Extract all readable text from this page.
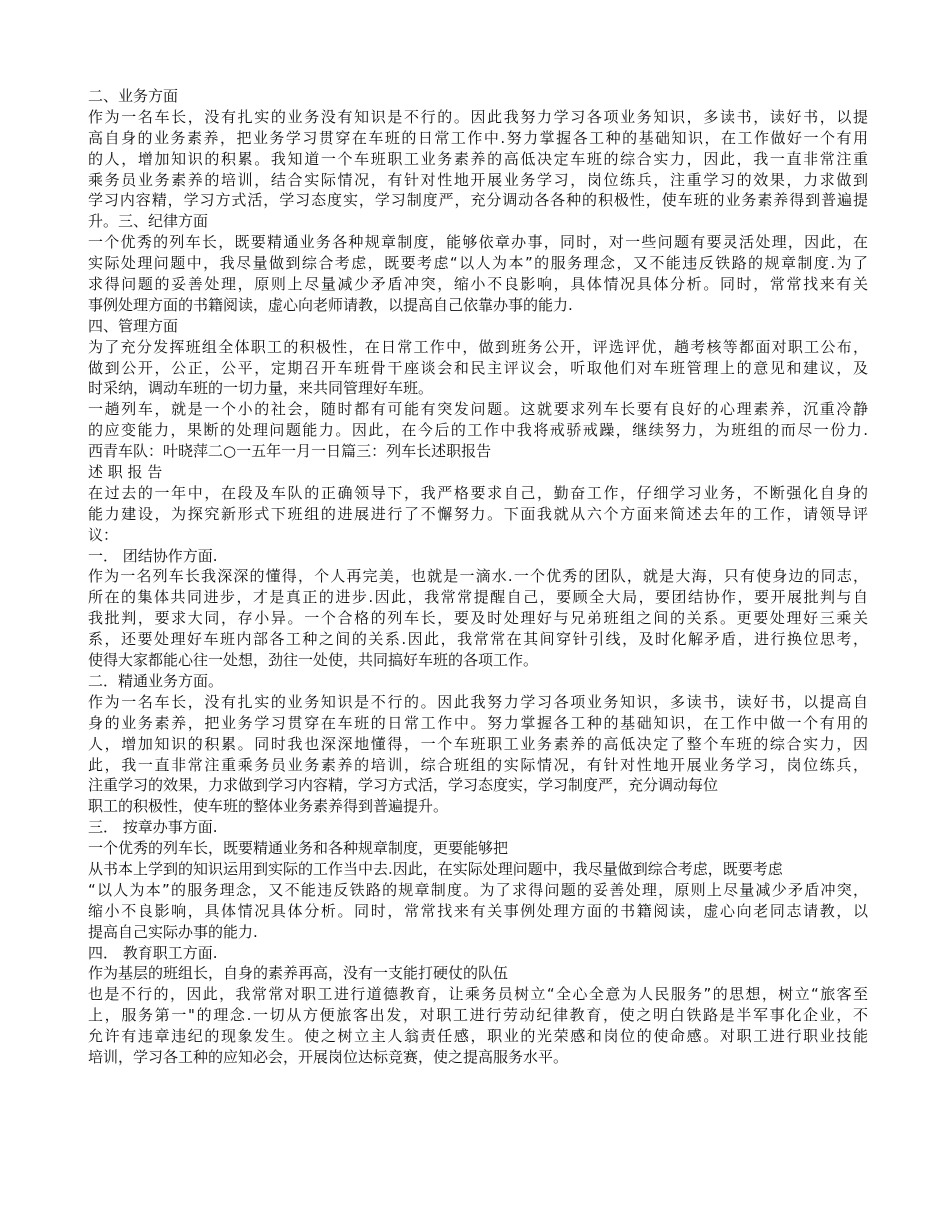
二、业务方面
作为一名车长，没有扎实的业务没有知识是不行的。因此我努力学习各项业务知识，多读书，读好书，以提
高自身的业务素养，把业务学习贯穿在车班的日常工作中.努力掌握各工种的基础知识，在工作做好一个有用
的人，增加知识的积累。我知道一个车班职工业务素养的高低决定车班的综合实力，因此，我一直非常注重
乘务员业务素养的培训，结合实际情况，有针对性地开展业务学习，岗位练兵，注重学习的效果，力求做到
学习内容精，学习方式活，学习态度实，学习制度严，充分调动各各种的积极性，使车班的业务素养得到普遍提
升。三、纪律方面
一个优秀的列车长，既要精通业务各种规章制度，能够依章办事，同时，对一些问题有要灵活处理，因此，在
实际处理问题中，我尽量做到综合考虑，既要考虑“以人为本”的服务理念，又不能违反铁路的规章制度.为了
求得问题的妥善处理，原则上尽量减少矛盾冲突，缩小不良影响，具体情况具体分析。同时，常常找来有关
事例处理方面的书籍阅读，虚心向老师请教，以提高自己依靠办事的能力.
四、管理方面
为了充分发挥班组全体职工的积极性，在日常工作中，做到班务公开，评选评优，趟考核等都面对职工公布，
做到公开，公正，公平，定期召开车班骨干座谈会和民主评议会，听取他们对车班管理上的意见和建议，及
时采纳，调动车班的一切力量，来共同管理好车班。
一趟列车，就是一个小的社会，随时都有可能有突发问题。这就要求列车长要有良好的心理素养，沉重冷静
的应变能力，果断的处理问题能力。因此，在今后的工作中我将戒骄戒躁，继续努力，为班组的而尽一份力.
西青车队：叶晓萍二○一五年一月一日篇三：列车长述职报告
述 职 报 告
在过去的一年中，在段及车队的正确领导下，我严格要求自己，勤奋工作，仔细学习业务，不断强化自身的
能力建设，为探究新形式下班组的进展进行了不懈努力。下面我就从六个方面来简述去年的工作，请领导评
议：
一． 团结协作方面.
作为一名列车长我深深的懂得，个人再完美，也就是一滴水.一个优秀的团队，就是大海，只有使身边的同志，
所在的集体共同进步，才是真正的进步.因此，我常常提醒自己，要顾全大局，要团结协作，要开展批判与自
我批判，要求大同，存小异。一个合格的列车长，要及时处理好与兄弟班组之间的关系。更要处理好三乘关
系，还要处理好车班内部各工种之间的关系.因此，我常常在其间穿针引线，及时化解矛盾，进行换位思考，
使得大家都能心往一处想，劲往一处使，共同搞好车班的各项工作。
二．精通业务方面。
作为一名车长，没有扎实的业务知识是不行的。因此我努力学习各项业务知识，多读书，读好书，以提高自
身的业务素养，把业务学习贯穿在车班的日常工作中。努力掌握各工种的基础知识，在工作中做一个有用的
人，增加知识的积累。同时我也深深地懂得，一个车班职工业务素养的高低决定了整个车班的综合实力，因
此，我一直非常注重乘务员业务素养的培训，综合班组的实际情况，有针对性地开展业务学习，岗位练兵，
注重学习的效果，力求做到学习内容精，学习方式活，学习态度实，学习制度严，充分调动每位
职工的积极性，使车班的整体业务素养得到普遍提升。
三． 按章办事方面.
一个优秀的列车长，既要精通业务和各种规章制度，更要能够把
从书本上学到的知识运用到实际的工作当中去.因此，在实际处理问题中，我尽量做到综合考虑，既要考虑
“以人为本”的服务理念，又不能违反铁路的规章制度。为了求得问题的妥善处理，原则上尽量减少矛盾冲突，
缩小不良影响，具体情况具体分析。同时，常常找来有关事例处理方面的书籍阅读，虚心向老同志请教，以
提高自己实际办事的能力.
四． 教育职工方面.
作为基层的班组长，自身的素养再高，没有一支能打硬仗的队伍
也是不行的，因此，我常常对职工进行道德教育，让乘务员树立“全心全意为人民服务”的思想，树立“旅客至
上，服务第一"的理念.一切从方便旅客出发，对职工进行劳动纪律教育，使之明白铁路是半军事化企业，不
允许有违章违纪的现象发生。使之树立主人翁责任感，职业的光荣感和岗位的使命感。对职工进行职业技能
培训，学习各工种的应知必会，开展岗位达标竞赛，使之提高服务水平。
